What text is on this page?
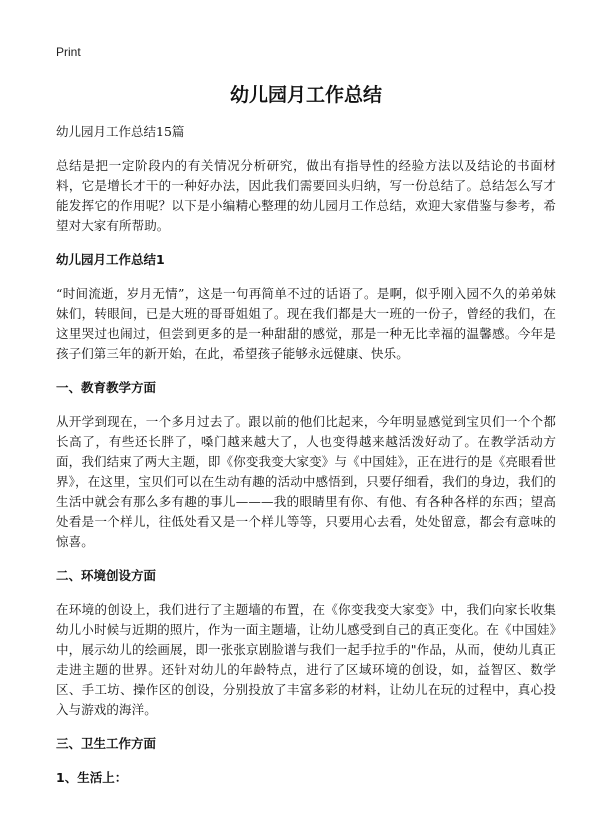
Print
幼儿园月工作总结
幼儿园月工作总结15篇

总结是把一定阶段内的有关情况分析研究，做出有指导性的经验方法以及结论的书面材料，它是增长才干的一种好办法，因此我们需要回头归纳，写一份总结了。总结怎么写才能发挥它的作用呢？以下是小编精心整理的幼儿园月工作总结，欢迎大家借鉴与参考，希望对大家有所帮助。

幼儿园月工作总结1

“时间流逝，岁月无情”，这是一句再简单不过的话语了。是啊，似乎刚入园不久的弟弟妹妹们，转眼间，已是大班的哥哥姐姐了。现在我们都是大一班的一份子，曾经的我们，在这里哭过也闹过，但尝到更多的是一种甜甜的感觉，那是一种无比幸福的温馨感。今年是孩子们第三年的新开始，在此，希望孩子能够永远健康、快乐。

一、教育教学方面

从开学到现在，一个多月过去了。跟以前的他们比起来，今年明显感觉到宝贝们一个个都长高了，有些还长胖了，嗓门越来越大了，人也变得越来越活泼好动了。在教学活动方面，我们结束了两大主题，即《你变我变大家变》与《中国娃》，正在进行的是《亮眼看世界》，在这里，宝贝们可以在生动有趣的活动中感悟到，只要仔细看，我们的身边，我们的生活中就会有那么多有趣的事儿———我的眼睛里有你、有他、有各种各样的东西；望高处看是一个样儿，往低处看又是一个样儿等等，只要用心去看，处处留意，都会有意味的惊喜。

二、环境创设方面

在环境的创设上，我们进行了主题墙的布置，在《你变我变大家变》中，我们向家长收集幼儿小时候与近期的照片，作为一面主题墙，让幼儿感受到自己的真正变化。在《中国娃》中，展示幼儿的绘画展，即一张张京剧脸谱与我们一起手拉手的"作品，从而，使幼儿真正走进主题的世界。还针对幼儿的年龄特点，进行了区域环境的创设，如，益智区、数学区、手工坊、操作区的创设，分别投放了丰富多彩的材料，让幼儿在玩的过程中，真心投入与游戏的海洋。

三、卫生工作方面
1、生活上：
